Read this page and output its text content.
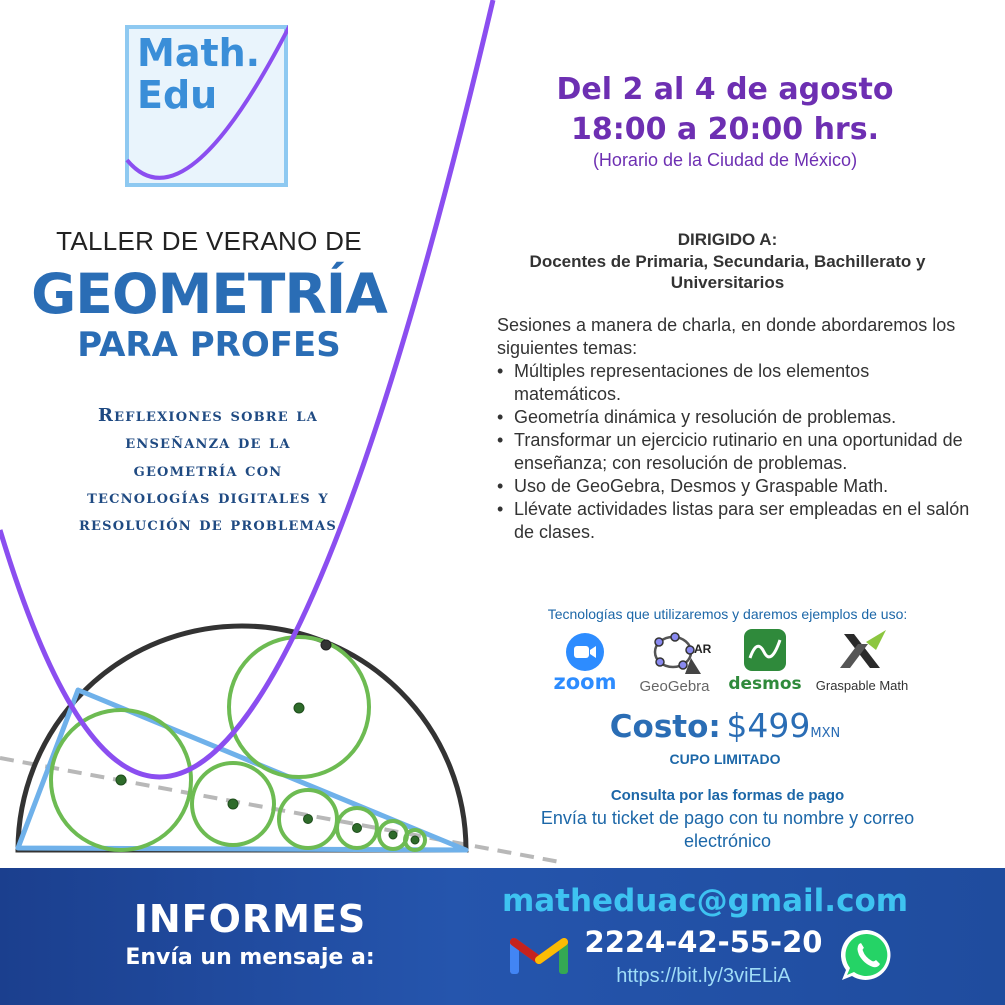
Math.
Edu
TALLER DE VERANO DE
GEOMETRÍA
PARA PROFES
Reflexiones sobre la enseñanza de la geometría con tecnologías digitales y resolución de problemas
Del 2 al 4 de agosto
18:00 a 20:00 hrs.
(Horario de la Ciudad de México)
DIRIGIDO A:
Docentes de Primaria, Secundaria, Bachillerato y Universitarios
Sesiones a manera de charla, en donde abordaremos los siguientes temas:
• Múltiples representaciones de los elementos matemáticos.
• Geometría dinámica y resolución de problemas.
• Transformar un ejercicio rutinario en una oportunidad de enseñanza; con resolución de problemas.
• Uso de GeoGebra, Desmos y Graspable Math.
• Llévate actividades listas para ser empleadas en el salón de clases.
Tecnologías que utilizaremos y daremos ejemplos de uso:
zoom
AR
GeoGebra	desmos	Graspable Math
Costo: $499MXN
CUPO LIMITADO
Consulta por las formas de pago
Envía tu ticket de pago con tu nombre y correo electrónico
INFORMES
Envía un mensaje a:
matheduac@gmail.com
2224-42-55-20
https://bit.ly/3viELiA
